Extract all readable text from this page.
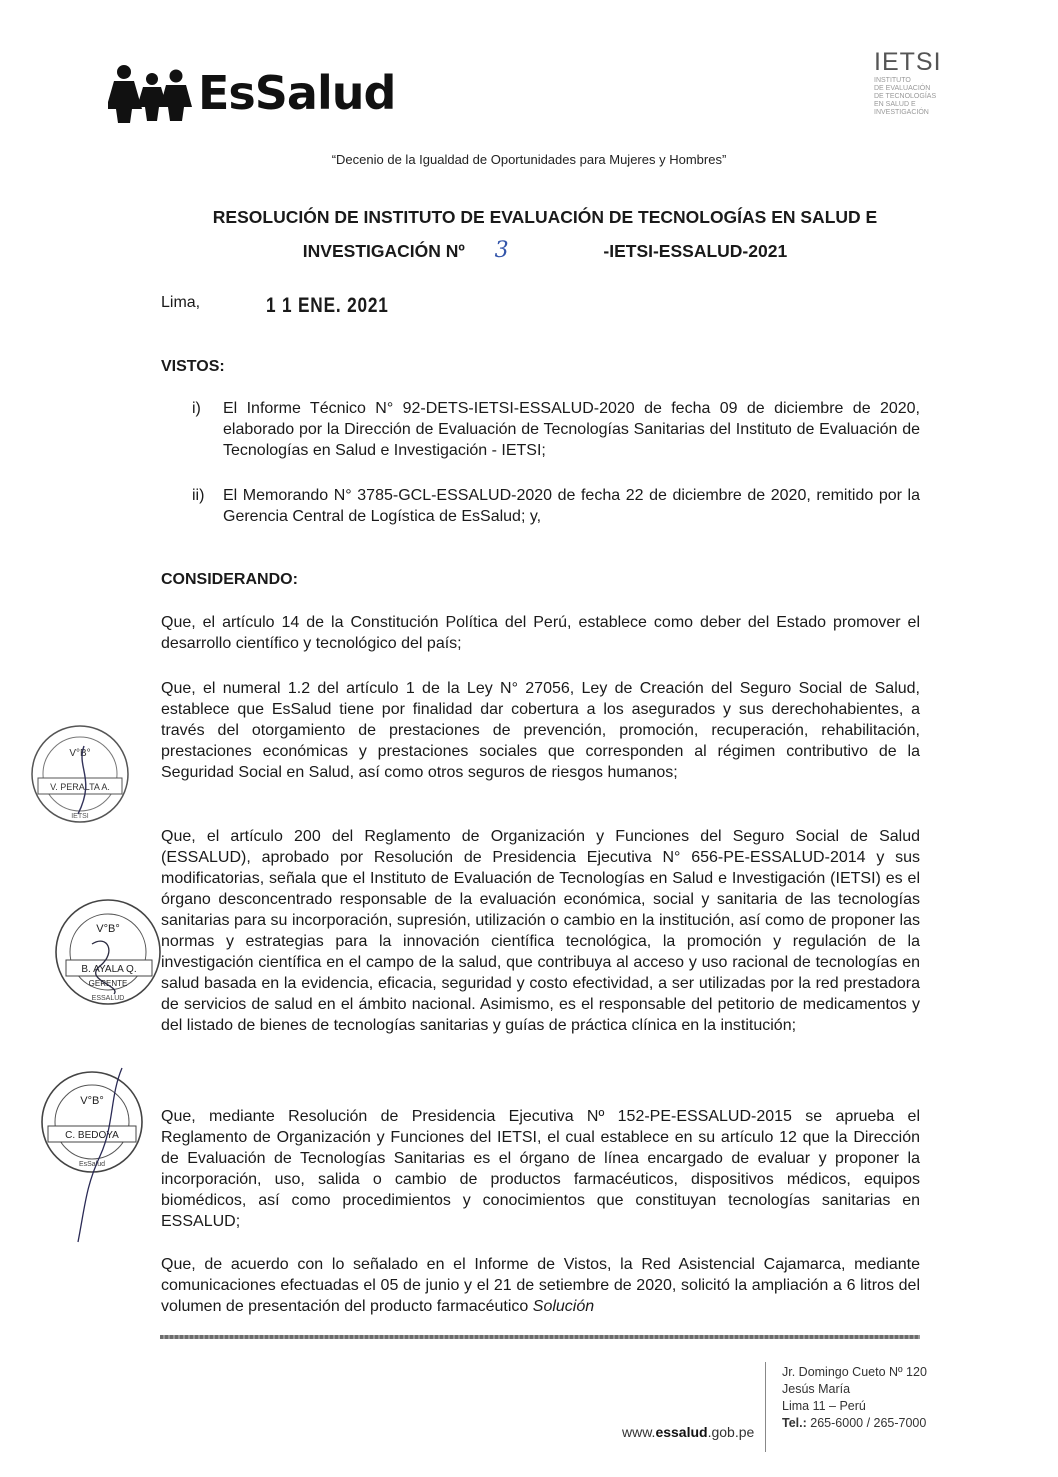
EsSalud
IETSI
INSTITUTO
DE EVALUACIÓN
DE TECNOLOGÍAS
EN SALUD E
INVESTIGACIÓN
“Decenio de la Igualdad de Oportunidades para Mujeres y Hombres”
RESOLUCIÓN DE INSTITUTO DE EVALUACIÓN DE TECNOLOGÍAS EN SALUD E
INVESTIGACIÓN Nº 3	-IETSI-ESSALUD-2021
Lima,	1 1 ENE. 2021
VISTOS:
i)	El Informe Técnico N° 92-DETS-IETSI-ESSALUD-2020 de fecha 09 de diciembre de 2020, elaborado por la Dirección de Evaluación de Tecnologías Sanitarias del Instituto de Evaluación de Tecnologías en Salud e Investigación - IETSI;
ii)	El Memorando N° 3785-GCL-ESSALUD-2020 de fecha 22 de diciembre de 2020, remitido por la Gerencia Central de Logística de EsSalud; y,
CONSIDERANDO:
Que, el artículo 14 de la Constitución Política del Perú, establece como deber del Estado promover el desarrollo científico y tecnológico del país;
Que, el numeral 1.2 del artículo 1 de la Ley N° 27056, Ley de Creación del Seguro Social de Salud, establece que EsSalud tiene por finalidad dar cobertura a los asegurados y sus derechohabientes, a través del otorgamiento de prestaciones de prevención, promoción, recuperación, rehabilitación, prestaciones económicas y prestaciones sociales que corresponden al régimen contributivo de la Seguridad Social en Salud, así como otros seguros de riesgos humanos;
Que, el artículo 200 del Reglamento de Organización y Funciones del Seguro Social de Salud (ESSALUD), aprobado por Resolución de Presidencia Ejecutiva N° 656-PE-ESSALUD-2014 y sus modificatorias, señala que el Instituto de Evaluación de Tecnologías en Salud e Investigación (IETSI) es el órgano desconcentrado responsable de la evaluación económica, social y sanitaria de las tecnologías sanitarias para su incorporación, supresión, utilización o cambio en la institución, así como de proponer las normas y estrategias para la innovación científica tecnológica, la promoción y regulación de la investigación científica en el campo de la salud, que contribuya al acceso y uso racional de tecnologías en salud basada en la evidencia, eficacia, seguridad y costo efectividad, a ser utilizadas por la red prestadora de servicios de salud en el ámbito nacional. Asimismo, es el responsable del petitorio de medicamentos y del listado de bienes de tecnologías sanitarias y guías de práctica clínica en la institución;
Que, mediante Resolución de Presidencia Ejecutiva Nº 152-PE-ESSALUD-2015 se aprueba el Reglamento de Organización y Funciones del IETSI, el cual establece en su artículo 12 que la Dirección de Evaluación de Tecnologías Sanitarias es el órgano de línea encargado de evaluar y proponer la incorporación, uso, salida o cambio de productos farmacéuticos, dispositivos médicos, equipos biomédicos, así como procedimientos y conocimientos que constituyan tecnologías sanitarias en ESSALUD;
Que, de acuerdo con lo señalado en el Informe de Vistos, la Red Asistencial Cajamarca, mediante comunicaciones efectuadas el 05 de junio y el 21 de setiembre de 2020, solicitó la ampliación a 6 litros del volumen de presentación del producto farmacéutico Solución
V°B°
V. PERALTA A.
IETSI
V°B°
B. AYALA Q.
GERENTE
ESSALUD
V°B°
C. BEDOYA
EsSalud
www.essalud.gob.pe
Jr. Domingo Cueto Nº 120
Jesús María
Lima 11 – Perú
Tel.: 265-6000 / 265-7000
